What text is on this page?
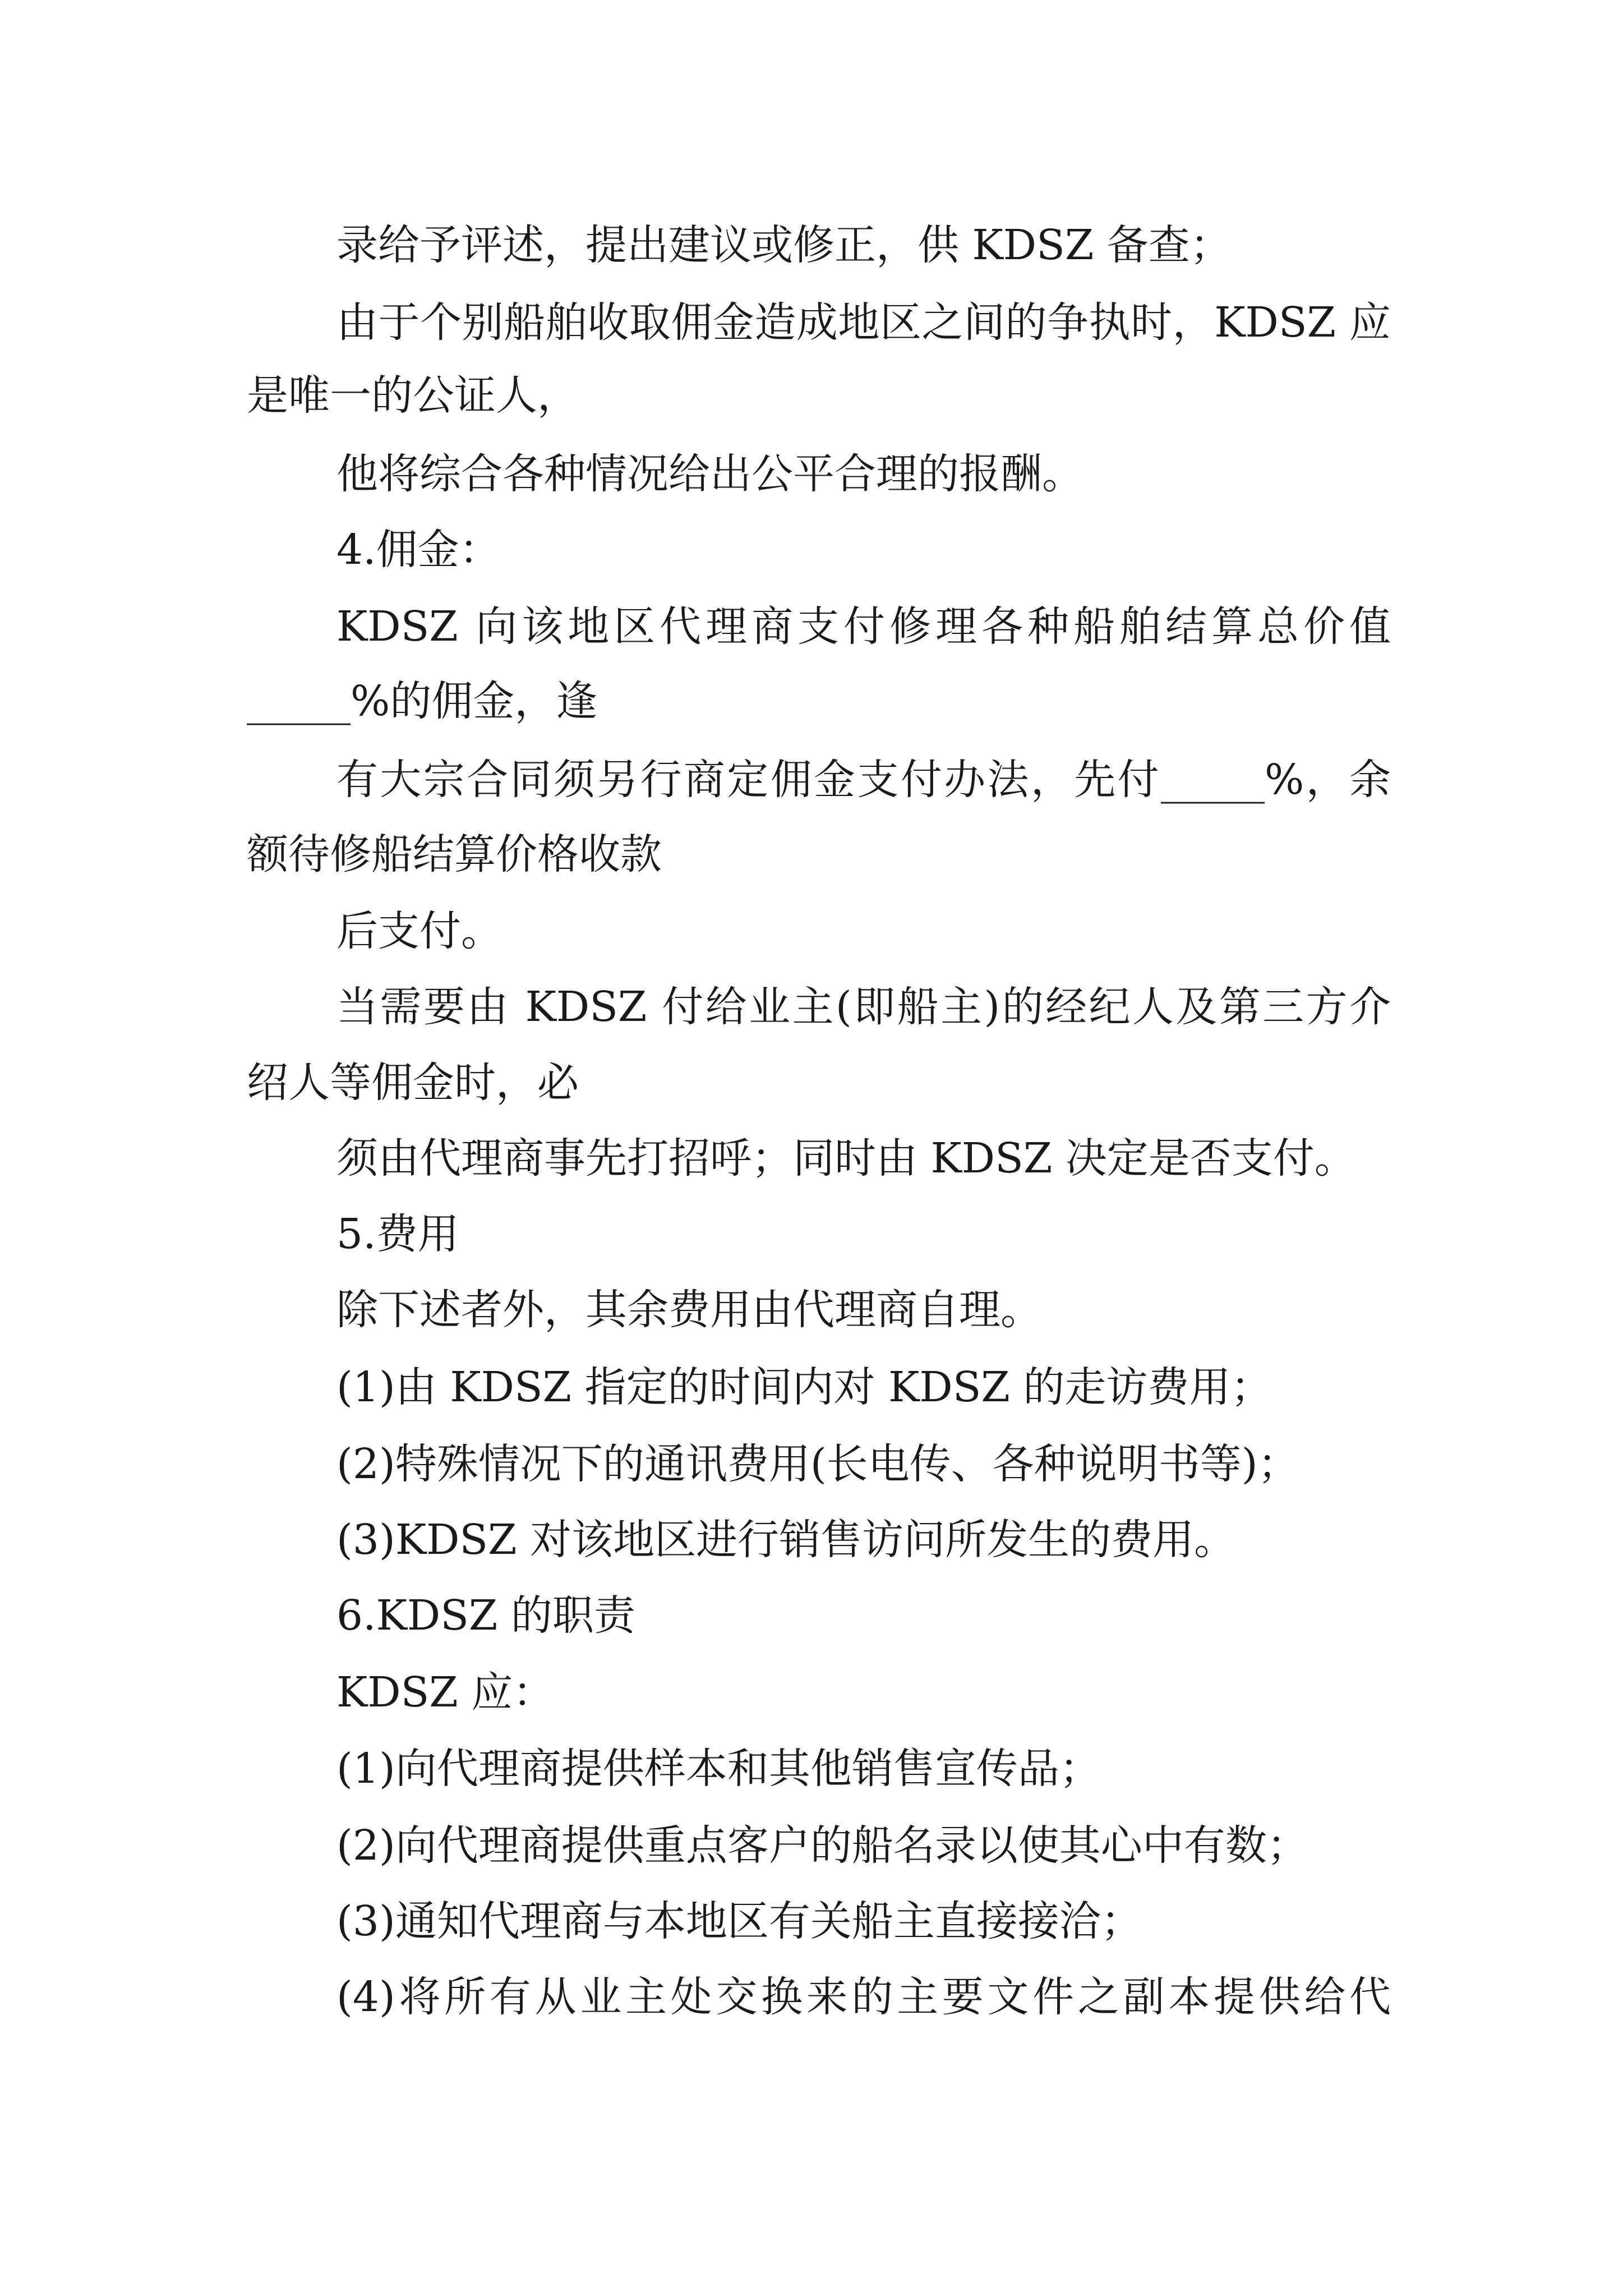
录给予评述，提出建议或修正，供 KDSZ 备查；
由于个别船舶收取佣金造成地区之间的争执时，KDSZ 应
是唯一的公证人，
他将综合各种情况给出公平合理的报酬。
4.佣金：
KDSZ 向该地区代理商支付修理各种船舶结算总价值
_____%的佣金，逢
有大宗合同须另行商定佣金支付办法，先付_____%，余
额待修船结算价格收款
后支付。
当需要由 KDSZ 付给业主(即船主)的经纪人及第三方介
绍人等佣金时，必
须由代理商事先打招呼；同时由 KDSZ 决定是否支付。
5.费用
除下述者外，其余费用由代理商自理。
(1)由 KDSZ 指定的时间内对 KDSZ 的走访费用；
(2)特殊情况下的通讯费用(长电传、各种说明书等)；
(3)KDSZ 对该地区进行销售访问所发生的费用。
6.KDSZ 的职责
KDSZ 应：
(1)向代理商提供样本和其他销售宣传品；
(2)向代理商提供重点客户的船名录以使其心中有数；
(3)通知代理商与本地区有关船主直接接洽；
(4)将所有从业主处交换来的主要文件之副本提供给代
